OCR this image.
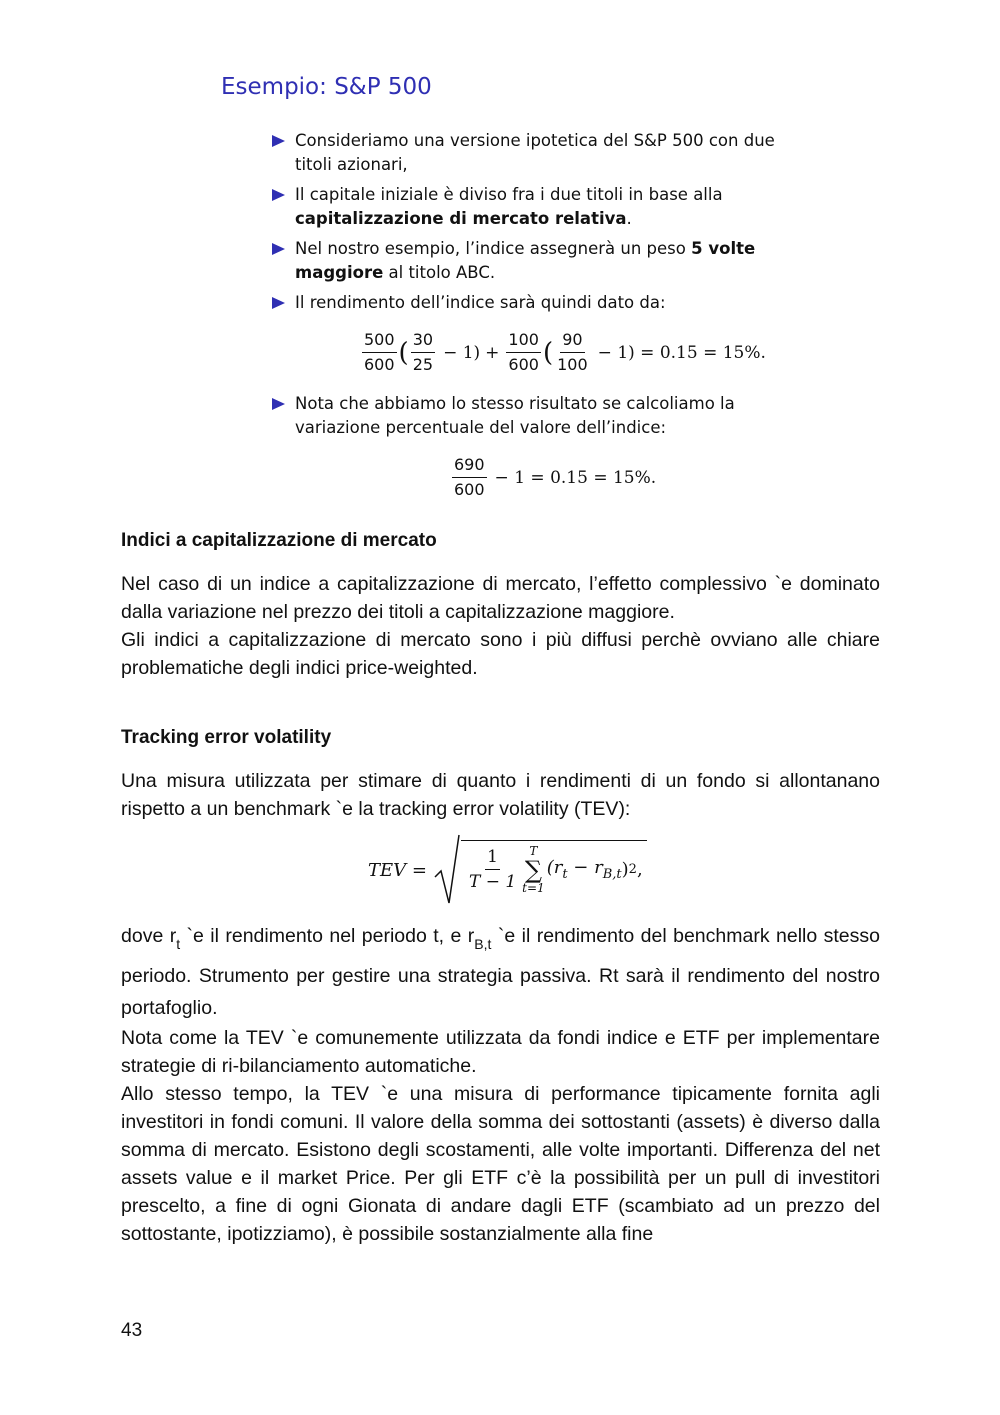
Esempio: S&P 500
Consideriamo una versione ipotetica del S&P 500 con due titoli azionari,
Il capitale iniziale è diviso fra i due titoli in base alla capitalizzazione di mercato relativa.
Nel nostro esempio, l’indice assegnerà un peso 5 volte maggiore al titolo ABC.
Il rendimento dell’indice sarà quindi dato da:
$\frac{500}{600}$ ( $\frac{30}{25} - 1) + \frac{100}{600}$ ( $\frac{90}{100} - 1) = 0.15 = 15\%$.
Nota che abbiamo lo stesso risultato se calcoliamo la variazione percentuale del valore dell’indice:
$\frac{690}{600} - 1 = 0.15 = 15\%$.
Indici a capitalizzazione di mercato
Nel caso di un indice a capitalizzazione di mercato, l’effetto complessivo `e dominato dalla variazione nel prezzo dei titoli a capitalizzazione maggiore.
Gli indici a capitalizzazione di mercato sono i più diffusi perchè ovviano alle chiare problematiche degli indici price-weighted.
Tracking error volatility
Una misura utilizzata per stimare di quanto i rendimenti di un fondo si allontanano rispetto a un benchmark `e la tracking error volatility (TEV):
TEV = $\frac{1}{T - 1}$ T
∑
t=1
($r_t - r_{B,t}$ ) 2 ,
dove $r_t$ `e il rendimento nel periodo t, e $r_{B,t}$ `e il rendimento del benchmark nello stesso periodo. Strumento per gestire una strategia passiva. Rt sarà il rendimento del nostro portafoglio.
Nota come la TEV `e comunemente utilizzata da fondi indice e ETF per implementare strategie di ri-bilanciamento automatiche.
Allo stesso tempo, la TEV `e una misura di performance tipicamente fornita agli investitori in fondi comuni. Il valore della somma dei sottostanti (assets) è diverso dalla somma di mercato. Esistono degli scostamenti, alle volte importanti. Differenza del net assets value e il market Price. Per gli ETF c’è la possibilità per un pull di investitori prescelto, a fine di ogni Gionata di andare dagli ETF (scambiato ad un prezzo del sottostante, ipotizziamo), è possibile sostanzialmente alla fine
43
